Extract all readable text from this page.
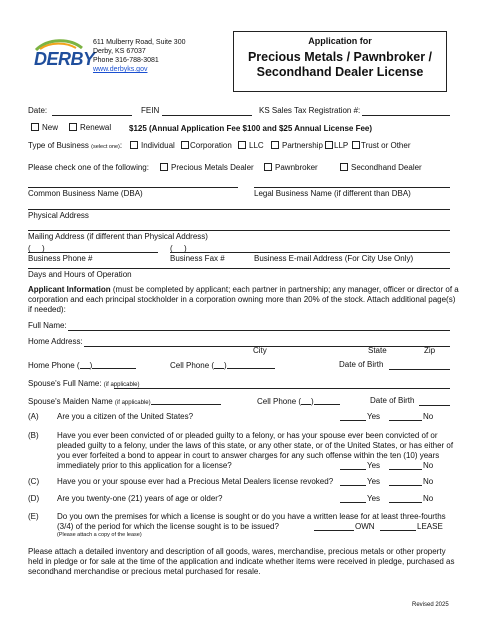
DERBY
611 Mulberry Road, Suite 300
Derby, KS 67037
Phone 316-788-3081
www.derbyks.gov
Application for
Precious Metals / Pawnbroker /
Secondhand Dealer License
Date:	FEIN	KS Sales Tax Registration #:
New	Renewal $125 (Annual Application Fee $100 and $25 Annual License Fee)
Type of Business (select one):	Individual	Corporation	LLC	Partnership	LLP	Trust or Other
Please check one of the following:	Precious Metals Dealer	Pawnbroker	Secondhand Dealer
Common Business Name (DBA)	Legal Business Name (if different than DBA)
Physical Address
Mailing Address (if different than Physical Address)
( )	( )
Business Phone #	Business Fax #	Business E-mail Address (For City Use Only)
Days and Hours of Operation
Applicant Information (must be completed by applicant; each partner in partnership; any manager, officer or director of a
corporation and each principal stockholder in a corporation owning more than 20% of the stock. Attach additional page(s)
if needed):
Full Name:
Home Address:
City	State	Zip
Home Phone ( )	Cell Phone ( )	Date of Birth
Spouse's Full Name: (if applicable)
Spouse's Maiden Name (if applicable)	Cell Phone ( )	Date of Birth
(A) Are you a citizen of the United States?	Yes	No
(B) Have you ever been convicted of or pleaded guilty to a felony, or has your spouse ever been convicted of or
pleaded guilty to a felony, under the laws of this state, or any other state, or of the United States, or has either of
you ever forfeited a bond to appear in court to answer charges for any such offense within the ten (10) years
immediately prior to this application for a license?	Yes	No
(C) Have you or your spouse ever had a Precious Metal Dealers license revoked?	Yes	No
(D) Are you twenty-one (21) years of age or older?	Yes	No
(E) Do you own the premises for which a license is sought or do you have a written lease for at least three-fourths
(3/4) of the period for which the license sought is to be issued?
(Please attach a copy of the lease)
OWN	LEASE
Please attach a detailed inventory and description of all goods, wares, merchandise, precious metals or other property
held in pledge or for sale at the time of the application and indicate whether items were received in pledge, purchased as
secondhand merchandise or precious metal purchased for resale.
Revised 2025
